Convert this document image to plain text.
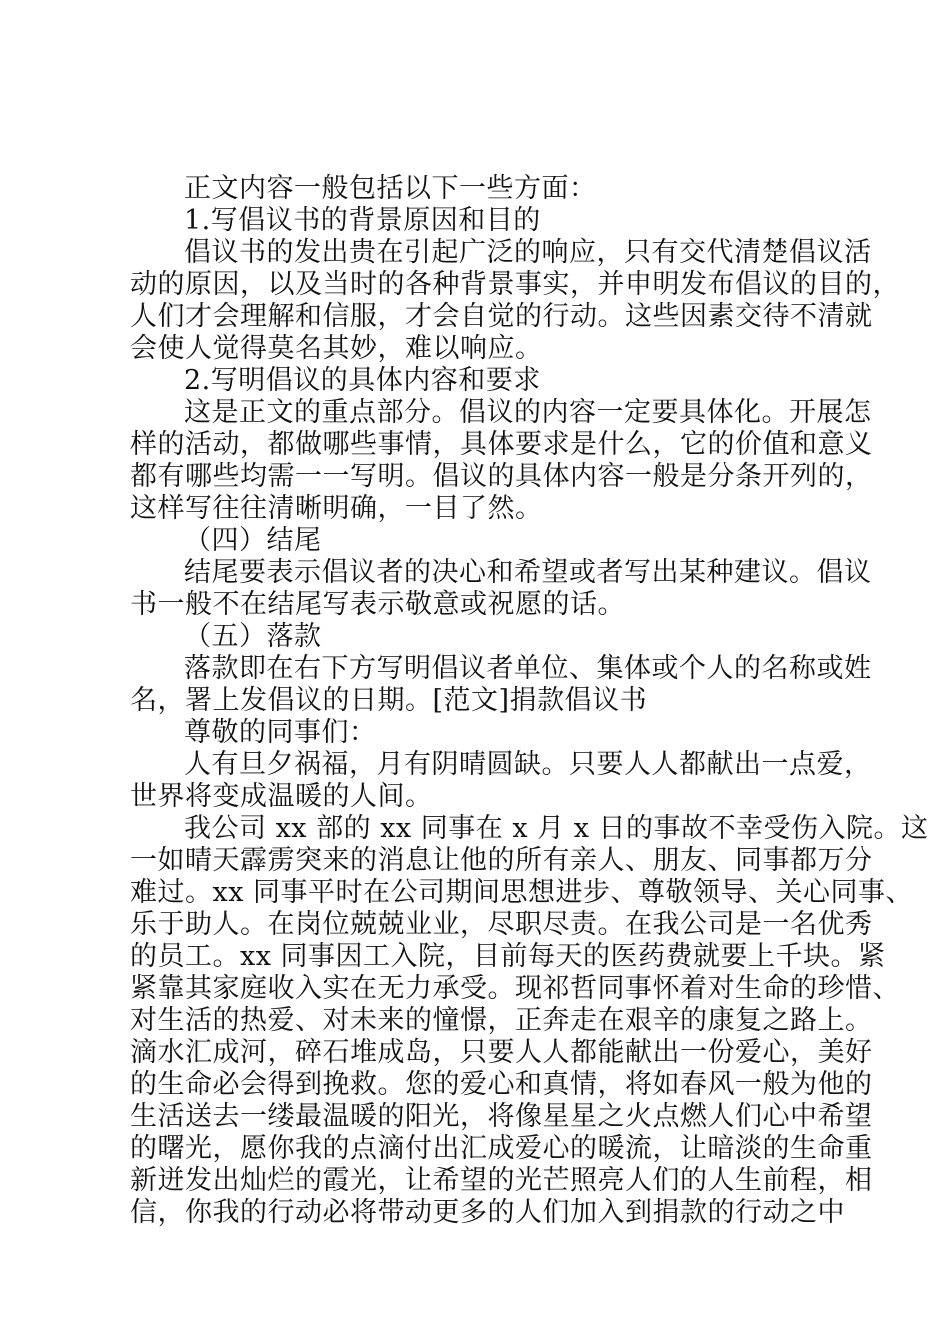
正文内容一般包括以下一些方面：
1.写倡议书的背景原因和目的
倡议书的发出贵在引起广泛的响应，只有交代清楚倡议活
动的原因，以及当时的各种背景事实，并申明发布倡议的目的，
人们才会理解和信服，才会自觉的行动。这些因素交待不清就
会使人觉得莫名其妙，难以响应。
2.写明倡议的具体内容和要求
这是正文的重点部分。倡议的内容一定要具体化。开展怎
样的活动，都做哪些事情，具体要求是什么，它的价值和意义
都有哪些均需一一写明。倡议的具体内容一般是分条开列的，
这样写往往清晰明确，一目了然。
（四）结尾
结尾要表示倡议者的决心和希望或者写出某种建议。倡议
书一般不在结尾写表示敬意或祝愿的话。
（五）落款
落款即在右下方写明倡议者单位、集体或个人的名称或姓
名，署上发倡议的日期。[范文]捐款倡议书
尊敬的同事们：
人有旦夕祸福，月有阴晴圆缺。只要人人都献出一点爱，
世界将变成温暖的人间。
我公司 xx 部的 xx 同事在 x 月 x 日的事故不幸受伤入院。这
一如晴天霹雳突来的消息让他的所有亲人、朋友、同事都万分
难过。xx 同事平时在公司期间思想进步、尊敬领导、关心同事、
乐于助人。在岗位兢兢业业，尽职尽责。在我公司是一名优秀
的员工。xx 同事因工入院，目前每天的医药费就要上千块。紧
紧靠其家庭收入实在无力承受。现祁哲同事怀着对生命的珍惜、
对生活的热爱、对未来的憧憬，正奔走在艰辛的康复之路上。
滴水汇成河，碎石堆成岛，只要人人都能献出一份爱心，美好
的生命必会得到挽救。您的爱心和真情，将如春风一般为他的
生活送去一缕最温暖的阳光，将像星星之火点燃人们心中希望
的曙光，愿你我的点滴付出汇成爱心的暖流，让暗淡的生命重
新迸发出灿烂的霞光，让希望的光芒照亮人们的人生前程，相
信，你我的行动必将带动更多的人们加入到捐款的行动之中
